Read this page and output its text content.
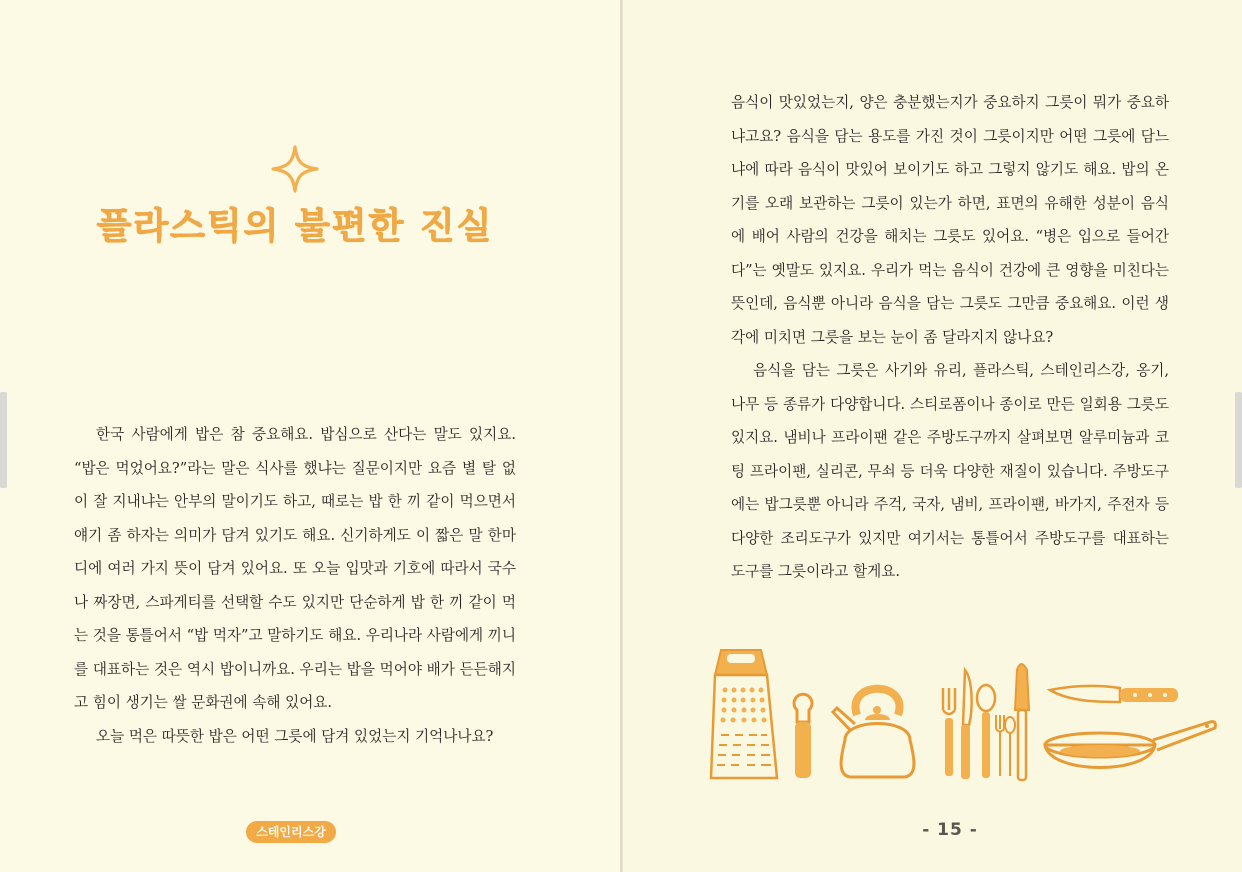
플라스틱의 불편한 진실

한국 사람에게 밥은 참 중요해요. 밥심으로 산다는 말도 있지요. “밥은 먹었어요?”라는 말은 식사를 했냐는 질문이지만 요즘 별 탈 없이 잘 지내냐는 안부의 말이기도 하고, 때로는 밥 한 끼 같이 먹으면서 얘기 좀 하자는 의미가 담겨 있기도 해요. 신기하게도 이 짧은 말 한마디에 여러 가지 뜻이 담겨 있어요. 또 오늘 입맛과 기호에 따라서 국수나 짜장면, 스파게티를 선택할 수도 있지만 단순하게 밥 한 끼 같이 먹는 것을 통틀어서 “밥 먹자”고 말하기도 해요. 우리나라 사람에게 끼니를 대표하는 것은 역시 밥이니까요. 우리는 밥을 먹어야 배가 든든해지고 힘이 생기는 쌀 문화권에 속해 있어요.

오늘 먹은 따뜻한 밥은 어떤 그릇에 담겨 있었는지 기억나나요?

스테인리스강

음식이 맛있었는지, 양은 충분했는지가 중요하지 그릇이 뭐가 중요하냐고요? 음식을 담는 용도를 가진 것이 그릇이지만 어떤 그릇에 담느냐에 따라 음식이 맛있어 보이기도 하고 그렇지 않기도 해요. 밥의 온기를 오래 보관하는 그릇이 있는가 하면, 표면의 유해한 성분이 음식에 배어 사람의 건강을 해치는 그릇도 있어요. “병은 입으로 들어간다”는 옛말도 있지요. 우리가 먹는 음식이 건강에 큰 영향을 미친다는 뜻인데, 음식뿐 아니라 음식을 담는 그릇도 그만큼 중요해요. 이런 생각에 미치면 그릇을 보는 눈이 좀 달라지지 않나요?

음식을 담는 그릇은 사기와 유리, 플라스틱, 스테인리스강, 옹기, 나무 등 종류가 다양합니다. 스티로폼이나 종이로 만든 일회용 그릇도 있지요. 냄비나 프라이팬 같은 주방도구까지 살펴보면 알루미늄과 코팅 프라이팬, 실리콘, 무쇠 등 더욱 다양한 재질이 있습니다. 주방도구에는 밥그릇뿐 아니라 주걱, 국자, 냄비, 프라이팬, 바가지, 주전자 등 다양한 조리도구가 있지만 여기서는 통틀어서 주방도구를 대표하는 도구를 그릇이라고 할게요.

- 15 -
